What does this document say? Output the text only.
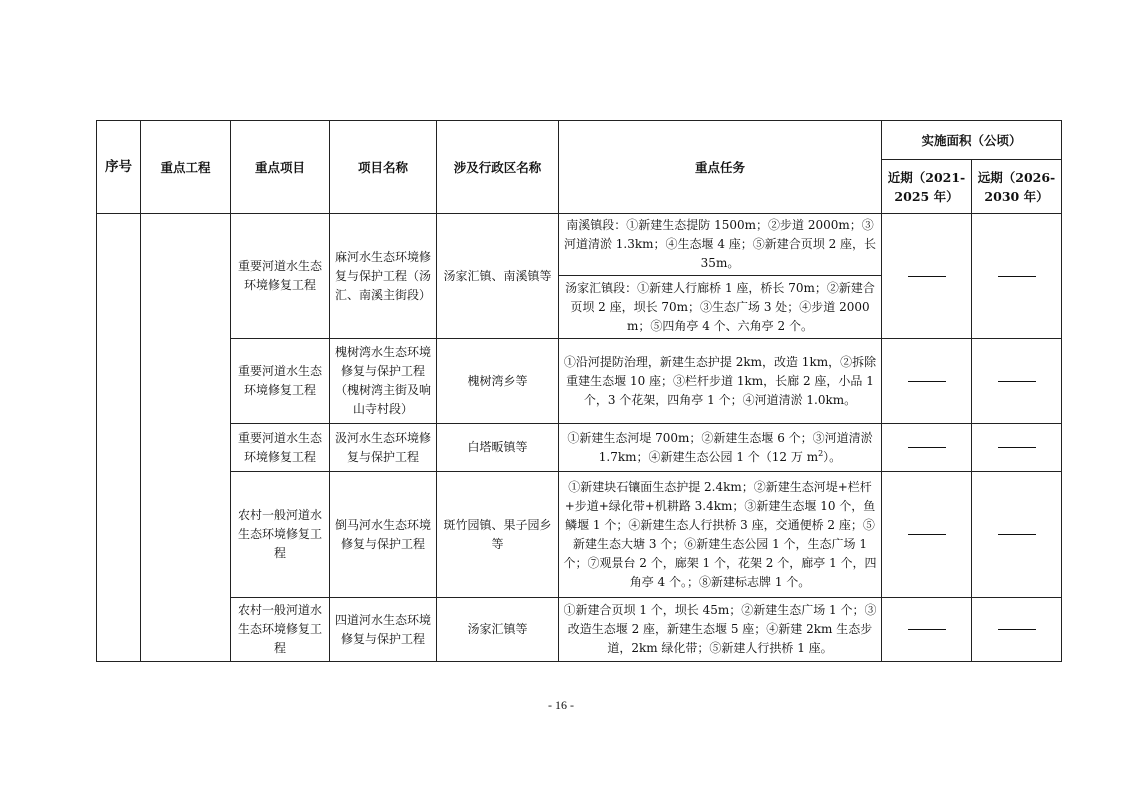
序号	重点工程	重点项目	项目名称	涉及行政区名称	重点任务	实施面积（公顷）	
						近期（2021-2025 年）	远期（2026-2030 年）
		重要河道水生态环境修复工程	麻河水生态环境修复与保护工程（汤汇、南溪主街段）	汤家汇镇、南溪镇等	南溪镇段：①新建生态提防 1500m；②步道 2000m；③河道清淤 1.3km；④生态堰 4 座；⑤新建合页坝 2 座，长 35m。		
					汤家汇镇段：①新建人行廊桥 1 座，桥长 70m；②新建合页坝 2 座，坝长 70m；③生态广场 3 处；④步道 2000m；⑤四角亭 4 个、六角亭 2 个。		
		重要河道水生态环境修复工程	槐树湾水生态环境修复与保护工程（槐树湾主街及响山寺村段）	槐树湾乡等	①沿河提防治理，新建生态护提 2km，改造 1km，②拆除重建生态堰 10 座；③栏杆步道 1km，长廊 2 座，小品 1 个，3 个花架，四角亭 1 个；④河道清淤 1.0km。		
		重要河道水生态环境修复工程	汲河水生态环境修复与保护工程	白塔畈镇等	①新建生态河堤 700m；②新建生态堰 6 个；③河道清淤 1.7km；④新建生态公园 1 个（12 万 $m^2$）。		
		农村一般河道水生态环境修复工程	倒马河水生态环境修复与保护工程	斑竹园镇、果子园乡等	①新建块石镶面生态护提 2.4km；②新建生态河堤+栏杆+步道+绿化带+机耕路 3.4km；③新建生态堰 10 个，鱼鳞堰 1 个；④新建生态人行拱桥 3 座，交通便桥 2 座；⑤新建生态大塘 3 个；⑥新建生态公园 1 个，生态广场 1 个；⑦观景台 2 个，廊架 1 个，花架 2 个，廊亭 1 个，四角亭 4 个。；⑧新建标志牌 1 个。		
		农村一般河道水生态环境修复工程	四道河水生态环境修复与保护工程	汤家汇镇等	①新建合页坝 1 个，坝长 45m；②新建生态广场 1 个；③改造生态堰 2 座，新建生态堰 5 座；④新建 2km 生态步道，2km 绿化带；⑤新建人行拱桥 1 座。		
- 16 -
